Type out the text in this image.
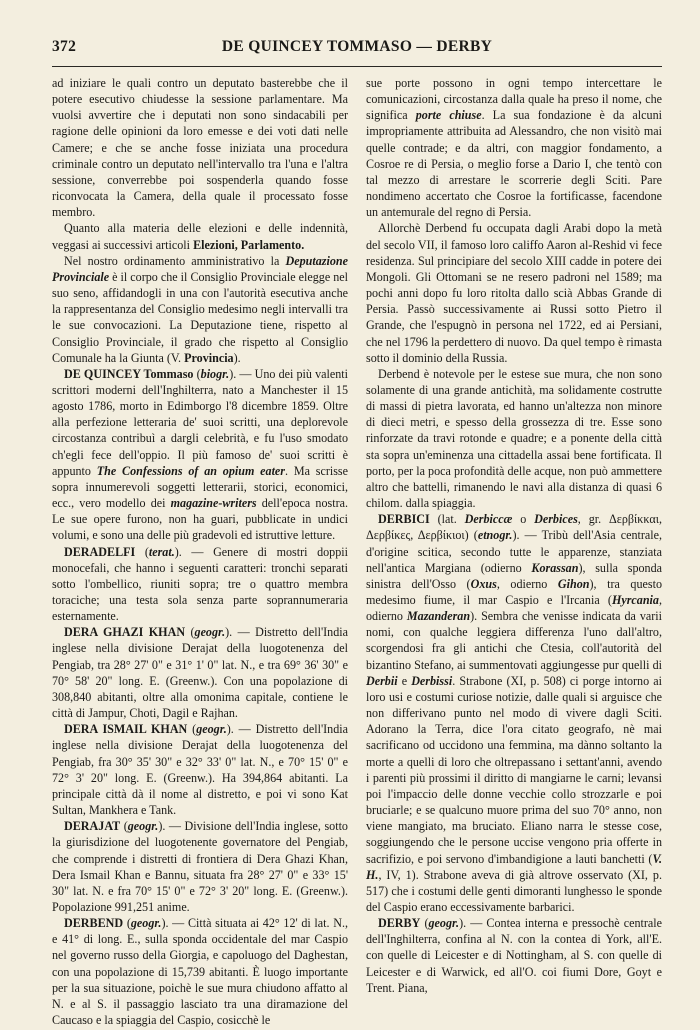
372	DE QUINCEY TOMMASO — DERBY

ad iniziare le quali contro un deputato basterebbe che il potere esecutivo chiudesse la sessione parlamentare. Ma vuolsi avvertire che i deputati non sono sindacabili per ragione delle opinioni da loro emesse e dei voti dati nelle Camere; e che se anche fosse iniziata una procedura criminale contro un deputato nell'intervallo tra l'una e l'altra sessione, converrebbe poi sospenderla quando fosse riconvocata la Camera, della quale il processato fosse membro.

Quanto alla materia delle elezioni e delle indennità, veggasi ai successivi articoli Elezioni, Parlamento.

Nel nostro ordinamento amministrativo la Deputazione Provinciale è il corpo che il Consiglio Provinciale elegge nel suo seno, affidandogli in una con l'autorità esecutiva anche la rappresentanza del Consiglio medesimo negli intervalli tra le sue convocazioni. La Deputazione tiene, rispetto al Consiglio Provinciale, il grado che rispetto al Consiglio Comunale ha la Giunta (V. Provincia).

DE QUINCEY Tommaso (biogr.). — Uno dei più valenti scrittori moderni dell'Inghilterra, nato a Manchester il 15 agosto 1786, morto in Edimborgo l'8 dicembre 1859. Oltre alla perfezione letteraria de' suoi scritti, una deplorevole circostanza contribuì a dargli celebrità, e fu l'uso smodato ch'egli fece dell'oppio. Il più famoso de' suoi scritti è appunto The Confessions of an opium eater. Ma scrisse sopra innumerevoli soggetti letterarii, storici, economici, ecc., vero modello dei magazine-writers dell'epoca nostra. Le sue opere furono, non ha guari, pubblicate in undici volumi, e sono una delle più gradevoli ed istruttive letture.

DERADELFI (terat.). — Genere di mostri doppii monocefali, che hanno i seguenti caratteri: tronchi separati sotto l'ombellico, riuniti sopra; tre o quattro membra toraciche; una testa sola senza parte soprannumeraria esternamente.

DERA GHAZI KHAN (geogr.). — Distretto dell'India inglese nella divisione Derajat della luogotenenza del Pengiab, tra 28° 27' 0" e 31° 1' 0" lat. N., e tra 69° 36' 30" e 70° 58' 20" long. E. (Greenw.). Con una popolazione di 308,840 abitanti, oltre alla omonima capitale, contiene le città di Jampur, Choti, Dagil e Rajhan.

DERA ISMAIL KHAN (geogr.). — Distretto dell'India inglese nella divisione Derajat della luogotenenza del Pengiab, fra 30° 35' 30" e 32° 33' 0" lat. N., e 70° 15' 0" e 72° 3' 20" long. E. (Greenw.). Ha 394,864 abitanti. La principale città dà il nome al distretto, e poi vi sono Kat Sultan, Mankhera e Tank.

DERAJAT (geogr.). — Divisione dell'India inglese, sotto la giurisdizione del luogotenente governatore del Pengiab, che comprende i distretti di frontiera di Dera Ghazi Khan, Dera Ismail Khan e Bannu, situata fra 28° 27' 0" e 33° 15' 30" lat. N. e fra 70° 15' 0" e 72° 3' 20" long. E. (Greenw.). Popolazione 991,251 anime.

DERBEND (geogr.). — Città situata ai 42° 12' di lat. N., e 41° di long. E., sulla sponda occidentale del mar Caspio nel governo russo della Giorgia, e capoluogo del Daghestan, con una popolazione di 15,739 abitanti. È luogo importante per la sua situazione, poichè le sue mura chiudono affatto al N. e al S. il passaggio lasciato tra una diramazione del Caucaso e la spiaggia del Caspio, cosicchè le

sue porte possono in ogni tempo intercettare le comunicazioni, circostanza dalla quale ha preso il nome, che significa porte chiuse. La sua fondazione è da alcuni impropriamente attribuita ad Alessandro, che non visitò mai quelle contrade; e da altri, con maggior fondamento, a Cosroe re di Persia, o meglio forse a Dario I, che tentò con tal mezzo di arrestare le scorrerie degli Sciti. Pare nondimeno accertato che Cosroe la fortificasse, facendone un antemurale del regno di Persia.

Allorchè Derbend fu occupata dagli Arabi dopo la metà del secolo VII, il famoso loro califfo Aaron al-Reshid vi fece residenza. Sul principiare del secolo XIII cadde in potere dei Mongoli. Gli Ottomani se ne resero padroni nel 1589; ma pochi anni dopo fu loro ritolta dallo scià Abbas Grande di Persia. Passò successivamente ai Russi sotto Pietro il Grande, che l'espugnò in persona nel 1722, ed ai Persiani, che nel 1796 la perdettero di nuovo. Da quel tempo è rimasta sotto il dominio della Russia.

Derbend è notevole per le estese sue mura, che non sono solamente di una grande antichità, ma solidamente costrutte di massi di pietra lavorata, ed hanno un'altezza non minore di dieci metri, e spesso della grossezza di tre. Esse sono rinforzate da travi rotonde e quadre; e a ponente della città sta sopra un'eminenza una cittadella assai bene fortificata. Il porto, per la poca profondità delle acque, non può ammettere altro che battelli, rimanendo le navi alla distanza di quasi 6 chilom. dalla spiaggia.

DERBICI (lat. Derbiccæ o Derbices, gr. Δερβίκκαι, Δερβίκες, Δερβίκιοι) (etnogr.). — Tribù dell'Asia centrale, d'origine scitica, secondo tutte le apparenze, stanziata nell'antica Margiana (odierno Korassan), sulla sponda sinistra dell'Osso (Oxus, odierno Gihon), tra questo medesimo fiume, il mar Caspio e l'Ircania (Hyrcania, odierno Mazanderan). Sembra che venisse indicata da varii nomi, con qualche leggiera differenza l'uno dall'altro, scorgendosi fra gli antichi che Ctesia, coll'autorità del bizantino Stefano, ai summentovati aggiungesse pur quelli di Derbii e Derbissi. Strabone (XI, p. 508) ci porge intorno ai loro usi e costumi curiose notizie, dalle quali si arguisce che non differivano punto nel modo di vivere dagli Sciti. Adorano la Terra, dice l'ora citato geografo, nè mai sacrificano od uccidono una femmina, ma dànno soltanto la morte a quelli di loro che oltrepassano i settant'anni, avendo i parenti più prossimi il diritto di mangiarne le carni; levansi poi l'impaccio delle donne vecchie collo strozzarle e poi bruciarle; e se qualcuno muore prima del suo 70° anno, non viene mangiato, ma bruciato. Eliano narra le stesse cose, soggiungendo che le persone uccise vengono pria offerte in sacrifizio, e poi servono d'imbandigione a lauti banchetti (V. H., IV, 1). Strabone aveva di già altrove osservato (XI, p. 517) che i costumi delle genti dimoranti lunghesso le sponde del Caspio erano eccessivamente barbarici.

DERBY (geogr.). — Contea interna e pressochè centrale dell'Inghilterra, confina al N. con la contea di York, all'E. con quelle di Leicester e di Nottingham, al S. con quelle di Leicester e di Warwick, ed all'O. coi fiumi Dore, Goyt e Trent. Piana,
